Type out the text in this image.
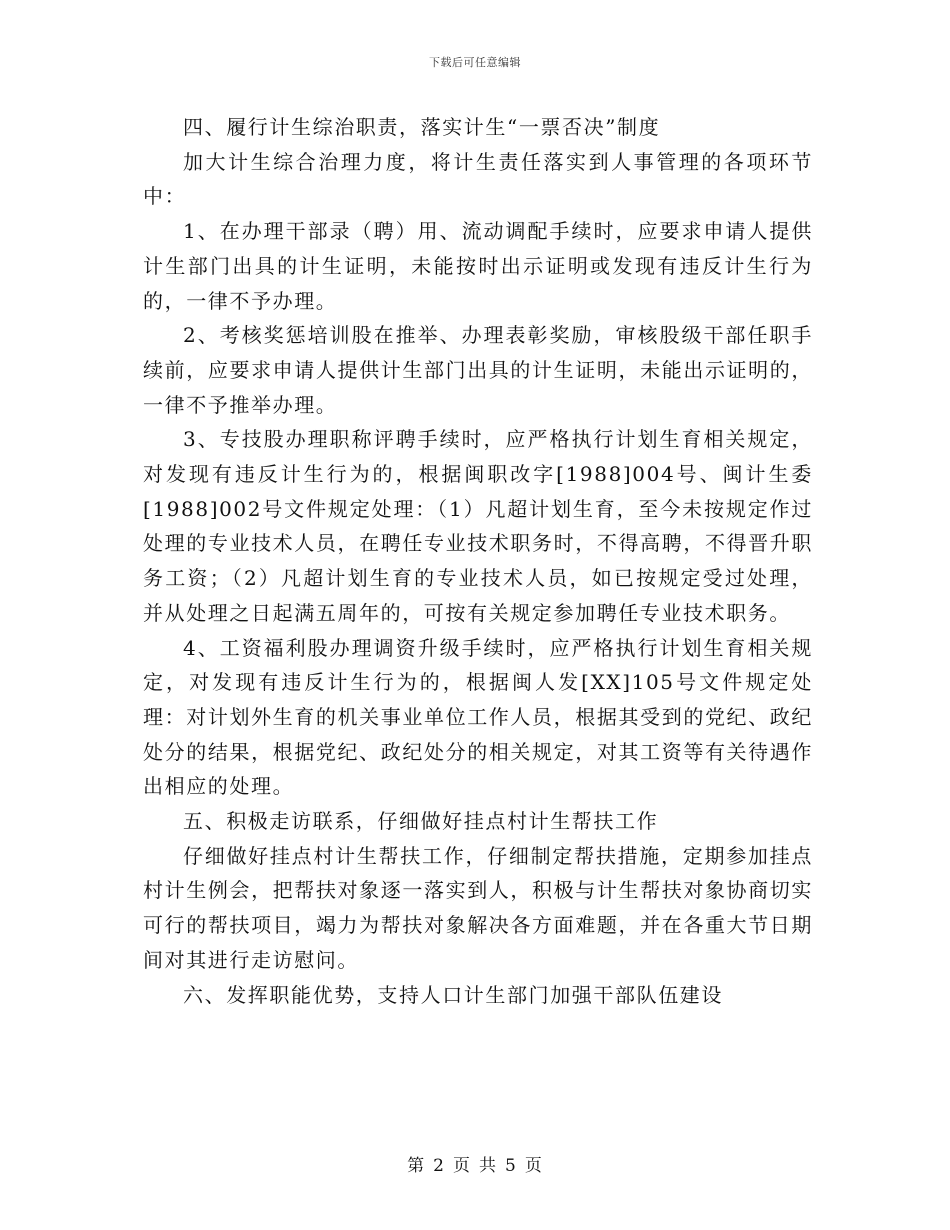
下载后可任意编辑

四、履行计生综治职责，落实计生“一票否决”制度

加大计生综合治理力度，将计生责任落实到人事管理的各项环节中：

1、在办理干部录（聘）用、流动调配手续时，应要求申请人提供计生部门出具的计生证明，未能按时出示证明或发现有违反计生行为的，一律不予办理。

2、考核奖惩培训股在推举、办理表彰奖励，审核股级干部任职手续前，应要求申请人提供计生部门出具的计生证明，未能出示证明的，一律不予推举办理。

3、专技股办理职称评聘手续时，应严格执行计划生育相关规定，对发现有违反计生行为的，根据闽职改字[1988]004号、闽计生委[1988]002号文件规定处理：（1）凡超计划生育，至今未按规定作过处理的专业技术人员，在聘任专业技术职务时，不得高聘，不得晋升职务工资；（2）凡超计划生育的专业技术人员，如已按规定受过处理，并从处理之日起满五周年的，可按有关规定参加聘任专业技术职务。

4、工资福利股办理调资升级手续时，应严格执行计划生育相关规定，对发现有违反计生行为的，根据闽人发[XX]105号文件规定处理：对计划外生育的机关事业单位工作人员，根据其受到的党纪、政纪处分的结果，根据党纪、政纪处分的相关规定，对其工资等有关待遇作出相应的处理。

五、积极走访联系，仔细做好挂点村计生帮扶工作

仔细做好挂点村计生帮扶工作，仔细制定帮扶措施，定期参加挂点村计生例会，把帮扶对象逐一落实到人，积极与计生帮扶对象协商切实可行的帮扶项目，竭力为帮扶对象解决各方面难题，并在各重大节日期间对其进行走访慰问。

六、发挥职能优势，支持人口计生部门加强干部队伍建设

第 2 页 共 5 页
